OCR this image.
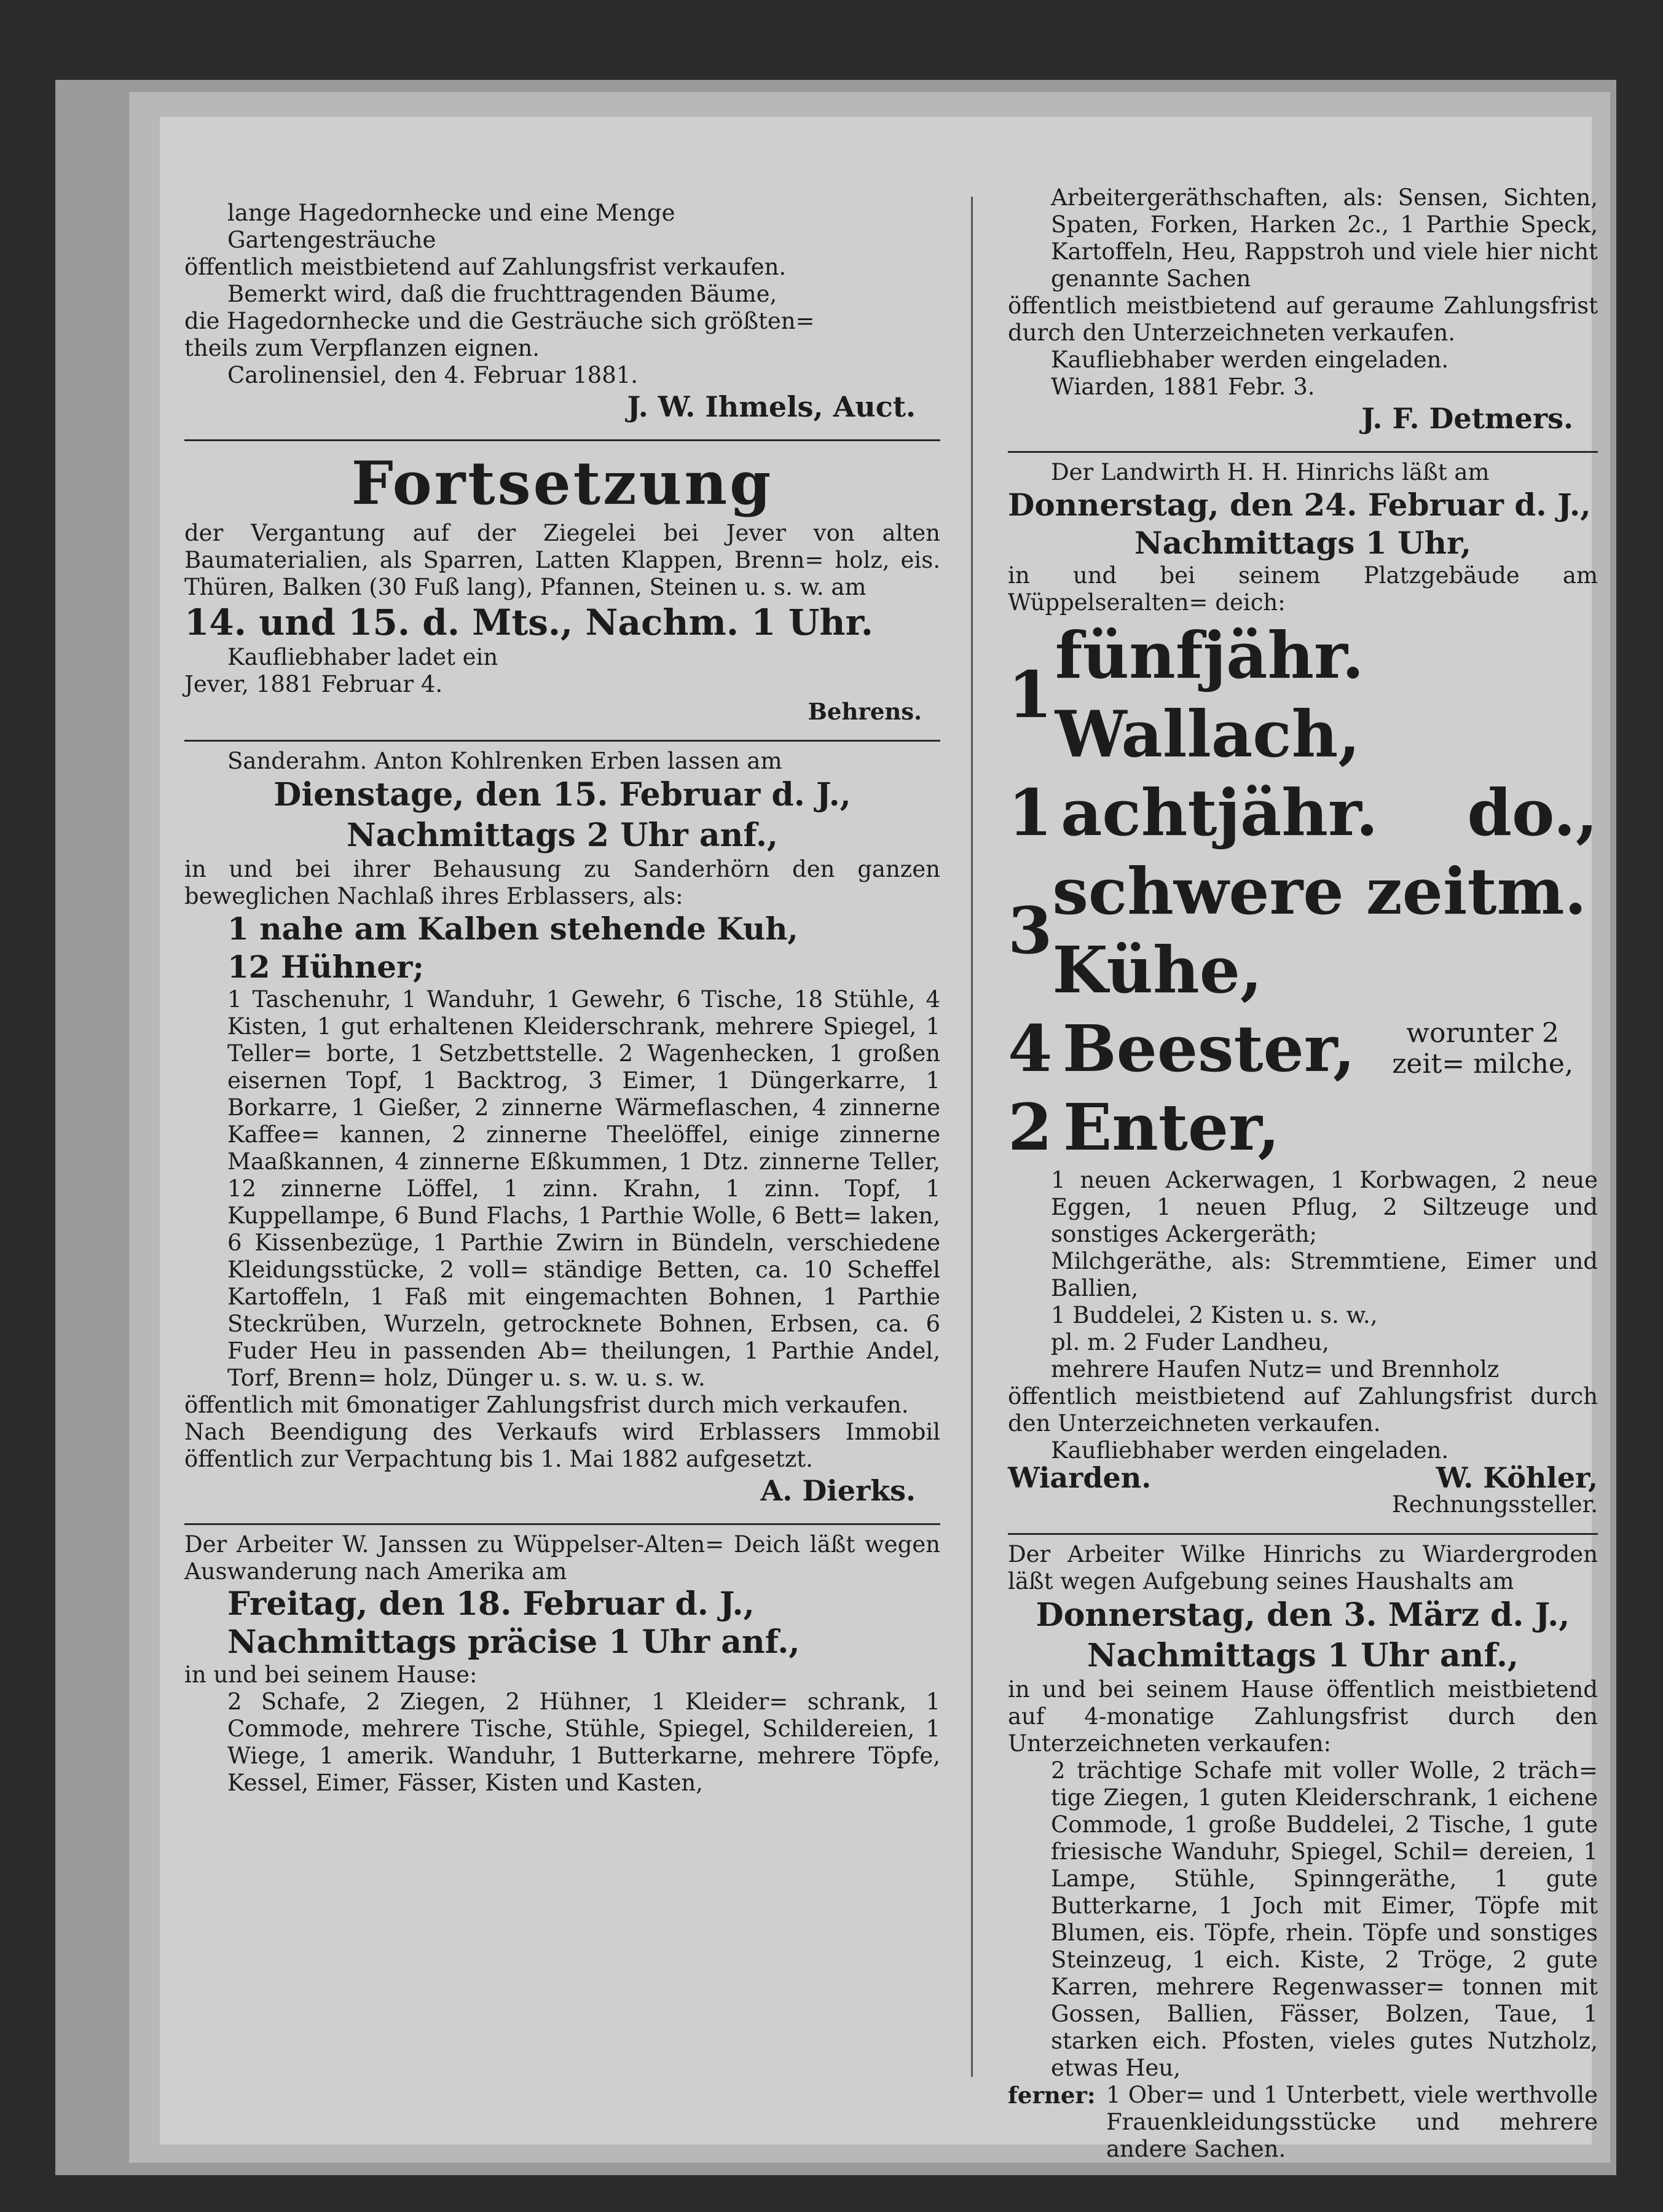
lange Hagedornhecke und eine Menge

Gartengesträuche

öffentlich meistbietend auf Zahlungsfrist verkaufen.

Bemerkt wird, daß die fruchttragenden Bäume,

die Hagedornhecke und die Gesträuche sich größten=

theils zum Verpflanzen eignen.

Carolinensiel, den 4. Februar 1881.

J. W. Ihmels, Auct.

Fortsetzung

der Vergantung auf der Ziegelei bei Jever von alten Baumaterialien, als Sparren, Latten Klappen, Brenn= holz, eis. Thüren, Balken (30 Fuß lang), Pfannen, Steinen u. s. w. am

14. und 15. d. Mts., Nachm. 1 Uhr.

Kaufliebhaber ladet ein

Jever, 1881 Februar 4.

Behrens.

Sanderahm. Anton Kohlrenken Erben lassen am

Dienstage, den 15. Februar d. J.,

Nachmittags 2 Uhr anf.,

in und bei ihrer Behausung zu Sanderhörn den ganzen beweglichen Nachlaß ihres Erblassers, als:

1 nahe am Kalben stehende Kuh,

12 Hühner;

1 Taschenuhr, 1 Wanduhr, 1 Gewehr, 6 Tische, 18 Stühle, 4 Kisten, 1 gut erhaltenen Kleiderschrank, mehrere Spiegel, 1 Teller= borte, 1 Setzbettstelle. 2 Wagenhecken, 1 großen eisernen Topf, 1 Backtrog, 3 Eimer, 1 Düngerkarre, 1 Borkarre, 1 Gießer, 2 zinnerne Wärmeflaschen, 4 zinnerne Kaffee= kannen, 2 zinnerne Theelöffel, einige zinnerne Maaßkannen, 4 zinnerne Eßkummen, 1 Dtz. zinnerne Teller, 12 zinnerne Löffel, 1 zinn. Krahn, 1 zinn. Topf, 1 Kuppellampe, 6 Bund Flachs, 1 Parthie Wolle, 6 Bett= laken, 6 Kissenbezüge, 1 Parthie Zwirn in Bündeln, verschiedene Kleidungsstücke, 2 voll= ständige Betten, ca. 10 Scheffel Kartoffeln, 1 Faß mit eingemachten Bohnen, 1 Parthie Steckrüben, Wurzeln, getrocknete Bohnen, Erbsen, ca. 6 Fuder Heu in passenden Ab= theilungen, 1 Parthie Andel, Torf, Brenn= holz, Dünger u. s. w. u. s. w.

öffentlich mit 6monatiger Zahlungsfrist durch mich verkaufen.

Nach Beendigung des Verkaufs wird Erblassers Immobil öffentlich zur Verpachtung bis 1. Mai 1882 aufgesetzt.

A. Dierks.

Der Arbeiter W. Janssen zu Wüppelser-Alten= Deich läßt wegen Auswanderung nach Amerika am

Freitag, den 18. Februar d. J.,

Nachmittags präcise 1 Uhr anf.,

in und bei seinem Hause:

2 Schafe, 2 Ziegen, 2 Hühner, 1 Kleider= schrank, 1 Commode, mehrere Tische, Stühle, Spiegel, Schildereien, 1 Wiege, 1 amerik. Wanduhr, 1 Butterkarne, mehrere Töpfe, Kessel, Eimer, Fässer, Kisten und Kasten,

Arbeitergeräthschaften, als: Sensen, Sichten, Spaten, Forken, Harken 2c., 1 Parthie Speck, Kartoffeln, Heu, Rappstroh und viele hier nicht genannte Sachen

öffentlich meistbietend auf geraume Zahlungsfrist durch den Unterzeichneten verkaufen.

Kaufliebhaber werden eingeladen.

Wiarden, 1881 Febr. 3.

J. F. Detmers.

Der Landwirth H. H. Hinrichs läßt am

Donnerstag, den 24. Februar d. J.,

Nachmittags 1 Uhr,

in und bei seinem Platzgebäude am Wüppelseralten= deich:

1
fünfjähr. Wallach,
1 achtjähr.    do.,
3
schwere zeitm. Kühe,
4 Beester,	worunter 2 zeit= milche,
2 Enter,

1 neuen Ackerwagen, 1 Korbwagen, 2 neue Eggen, 1 neuen Pflug, 2 Siltzeuge und sonstiges Ackergeräth;

Milchgeräthe, als: Stremmtiene, Eimer und Ballien,

1 Buddelei, 2 Kisten u. s. w.,

pl. m. 2 Fuder Landheu,

mehrere Haufen Nutz= und Brennholz

öffentlich meistbietend auf Zahlungsfrist durch den Unterzeichneten verkaufen.

Kaufliebhaber werden eingeladen.

Wiarden.	W. Köhler,

Rechnungssteller.

Der Arbeiter Wilke Hinrichs zu Wiardergroden läßt wegen Aufgebung seines Haushalts am

Donnerstag, den 3. März d. J.,

Nachmittags 1 Uhr anf.,

in und bei seinem Hause öffentlich meistbietend auf 4-monatige Zahlungsfrist durch den Unterzeichneten verkaufen:

2 trächtige Schafe mit voller Wolle, 2 träch= tige Ziegen, 1 guten Kleiderschrank, 1 eichene Commode, 1 große Buddelei, 2 Tische, 1 gute friesische Wanduhr, Spiegel, Schil= dereien, 1 Lampe, Stühle, Spinngeräthe, 1 gute Butterkarne, 1 Joch mit Eimer, Töpfe mit Blumen, eis. Töpfe, rhein. Töpfe und sonstiges Steinzeug, 1 eich. Kiste, 2 Tröge, 2 gute Karren, mehrere Regenwasser= tonnen mit Gossen, Ballien, Fässer, Bolzen, Taue, 1 starken eich. Pfosten, vieles gutes Nutzholz, etwas Heu,

ferner: 1 Ober= und 1 Unterbett, viele werthvolle Frauenkleidungsstücke und mehrere andere Sachen.
